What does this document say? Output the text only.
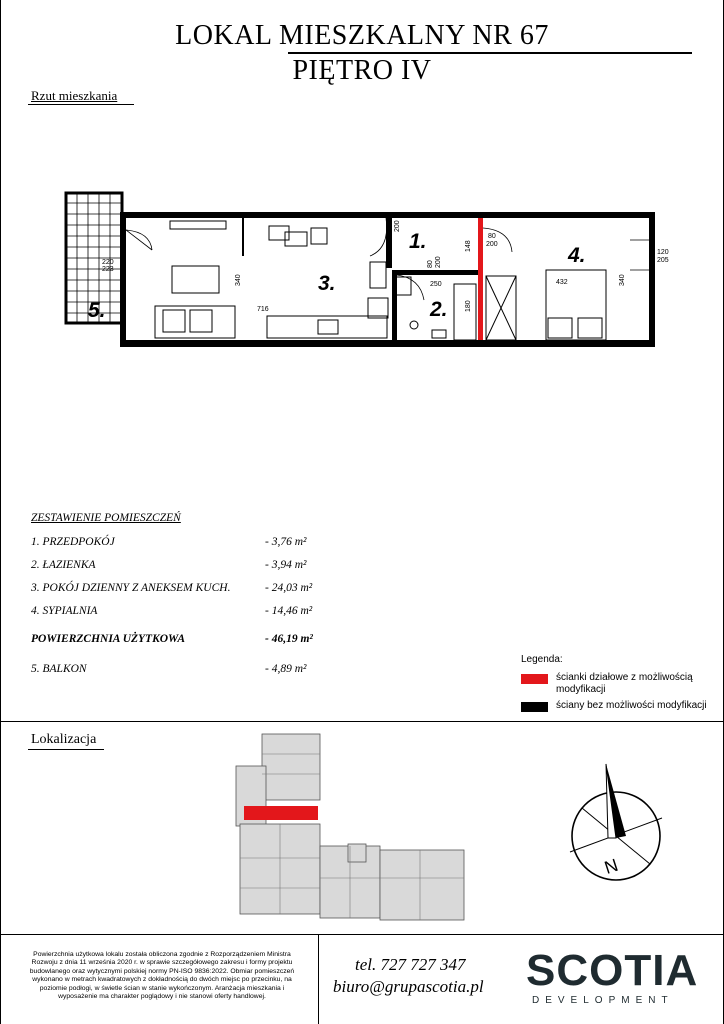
LOKAL MIESZKALNY NR 67
PIĘTRO IV
Rzut mieszkania
90 200
80 200
80
200
120
205
220
223
340	340
716
250
148
180
432
1.
2.
3.
4.
5.
ZESTAWIENIE POMIESZCZEŃ
1. PRZEDPOKÓJ	- 3,76 m²
2. ŁAZIENKA	- 3,94 m²
3. POKÓJ DZIENNY Z ANEKSEM KUCH.	- 24,03 m²
4. SYPIALNIA	- 14,46 m²
POWIERZCHNIA UŻYTKOWA	- 46,19 m²
5. BALKON	- 4,89 m²
Legenda:
ścianki działowe z możliwością
modyfikacji
ściany bez możliwości modyfikacji
Lokalizacja
N
Powierzchnia użytkowa lokalu została obliczona zgodnie z Rozporządzeniem Ministra
Rozwoju z dnia 11 września 2020 r. w sprawie szczegółowego zakresu i formy projektu
budowlanego oraz wytycznymi polskiej normy PN-ISO 9836:2022. Obmiar pomieszczeń
wykonano w metrach kwadratowych z dokładnością do dwóch miejsc po przecinku, na
poziomie podłogi, w świetle ścian w stanie wykończonym. Aranżacja mieszkania i
wyposażenie ma charakter poglądowy i nie stanowi oferty handlowej.
tel. 727 727 347
biuro@grupascotia.pl SCOTIA
DEVELOPMENT
